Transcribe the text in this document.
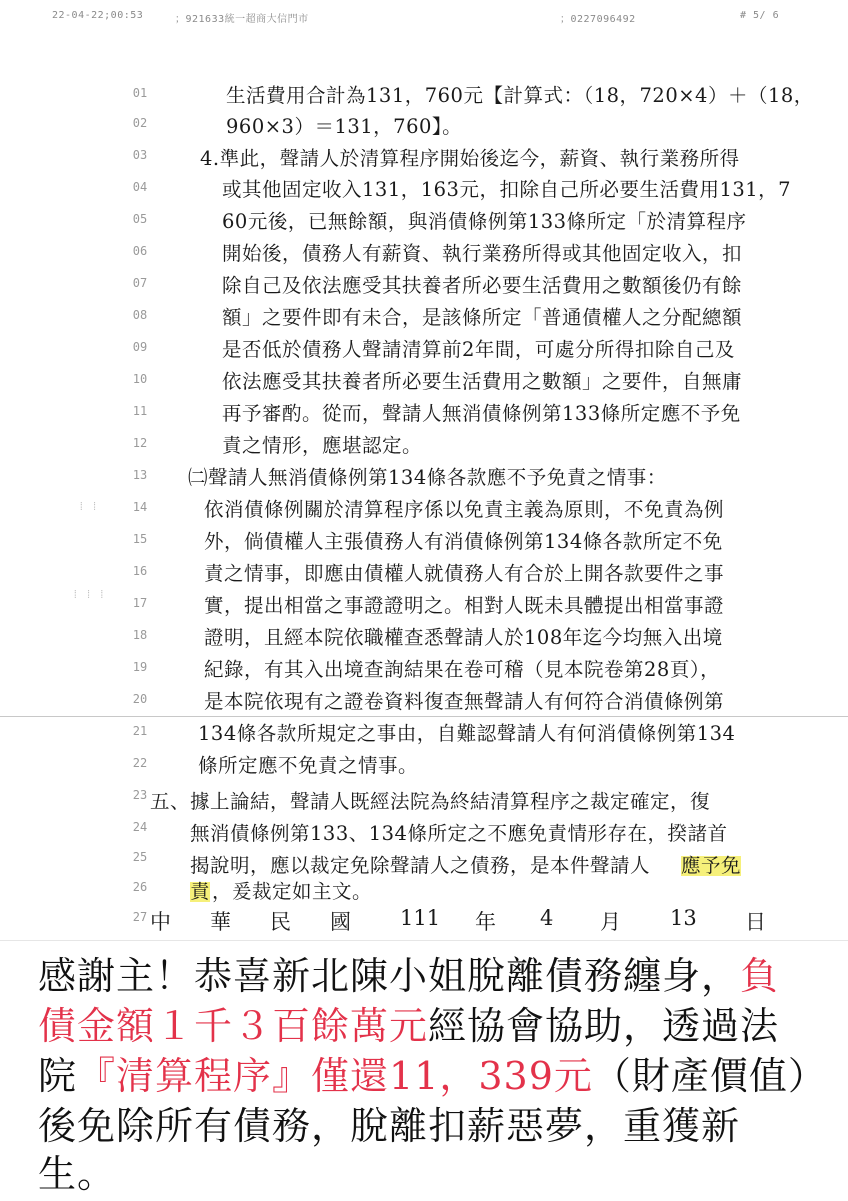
22-04-22;00:53	；921633統一超商大信門市	；0227096492	# 5/ 6
01
02
03
04
05
06
07
08
09
10
11
12
13
14
15
16
17
18
19
20
21
22
23
24
25
26
27
⁞ ⁞
⁞ ⁞ ⁞
生活費用合計為131，760元【計算式：（18，720×4）＋（18，
960×3）＝131，760】。
4.準此，聲請人於清算程序開始後迄今，薪資、執行業務所得
或其他固定收入131，163元，扣除自己所必要生活費用131，7
60元後，已無餘額，與消債條例第133條所定「於清算程序
開始後，債務人有薪資、執行業務所得或其他固定收入，扣
除自己及依法應受其扶養者所必要生活費用之數額後仍有餘
額」之要件即有未合，是該條所定「普通債權人之分配總額
是否低於債務人聲請清算前2年間，可處分所得扣除自己及
依法應受其扶養者所必要生活費用之數額」之要件，自無庸
再予審酌。從而，聲請人無消債條例第133條所定應不予免
責之情形，應堪認定。
㈡聲請人無消債條例第134條各款應不予免責之情事：
依消債條例關於清算程序係以免責主義為原則，不免責為例
外，倘債權人主張債務人有消債條例第134條各款所定不免
責之情事，即應由債權人就債務人有合於上開各款要件之事
實，提出相當之事證證明之。相對人既未具體提出相當事證
證明，且經本院依職權查悉聲請人於108年迄今均無入出境
紀錄，有其入出境查詢結果在卷可稽（見本院卷第28頁），
是本院依現有之證卷資料復查無聲請人有何符合消債條例第
134條各款所規定之事由，自難認聲請人有何消債條例第134
條所定應不免責之情事。
五、據上論結，聲請人既經法院為終結清算程序之裁定確定，復
無消債條例第133、134條所定之不應免責情形存在，揆諸首
揭說明，應以裁定免除聲請人之債務，是本件聲請人 應予免
責 ，爰裁定如主文。
中 華 民 國 111 年 4 月 13 日
感謝主！恭喜新北陳小姐脫離債務纏身，負
債金額１千３百餘萬元經協會協助，透過法
院『清算程序』僅還11，339元（財產價值）
後免除所有債務，脫離扣薪惡夢，重獲新
生。
